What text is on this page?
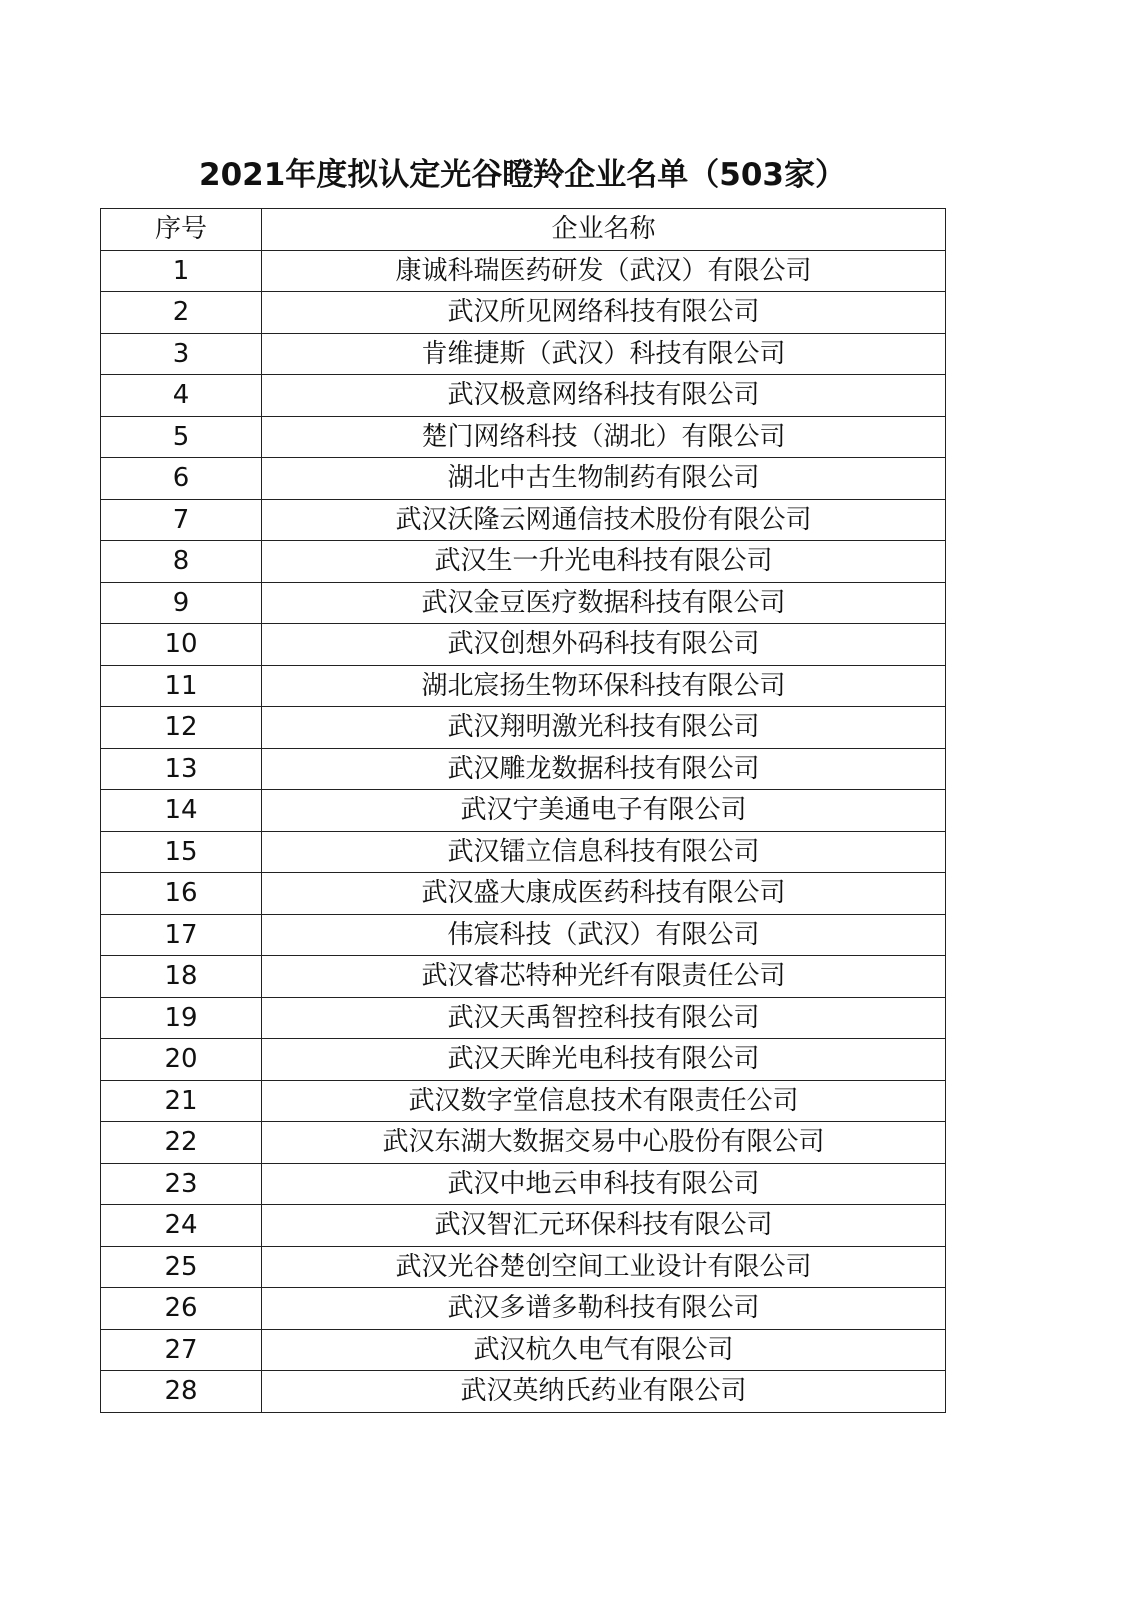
2021年度拟认定光谷瞪羚企业名单（503家）
序号	企业名称
1	康诚科瑞医药研发（武汉）有限公司
2	武汉所见网络科技有限公司
3	肯维捷斯（武汉）科技有限公司
4	武汉极意网络科技有限公司
5	楚门网络科技（湖北）有限公司
6	湖北中古生物制药有限公司
7	武汉沃隆云网通信技术股份有限公司
8	武汉生一升光电科技有限公司
9	武汉金豆医疗数据科技有限公司
10	武汉创想外码科技有限公司
11	湖北宸扬生物环保科技有限公司
12	武汉翔明激光科技有限公司
13	武汉雕龙数据科技有限公司
14	武汉宁美通电子有限公司
15	武汉镭立信息科技有限公司
16	武汉盛大康成医药科技有限公司
17	伟宸科技（武汉）有限公司
18	武汉睿芯特种光纤有限责任公司
19	武汉天禹智控科技有限公司
20	武汉天眸光电科技有限公司
21	武汉数字堂信息技术有限责任公司
22	武汉东湖大数据交易中心股份有限公司
23	武汉中地云申科技有限公司
24	武汉智汇元环保科技有限公司
25	武汉光谷楚创空间工业设计有限公司
26	武汉多谱多勒科技有限公司
27	武汉杭久电气有限公司
28	武汉英纳氏药业有限公司
